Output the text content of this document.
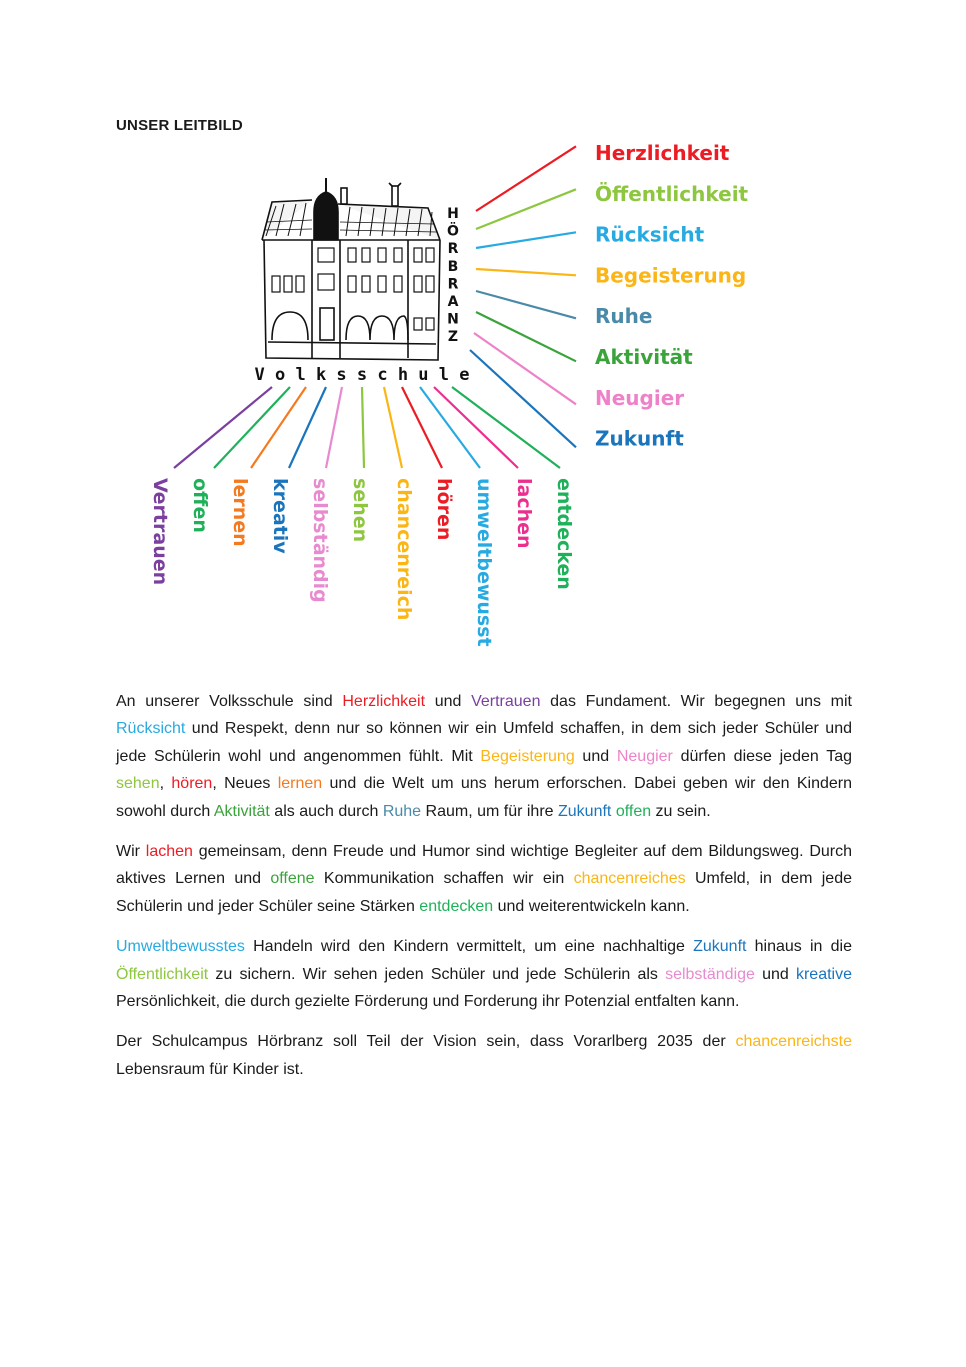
UNSER LEITBILD
H
Ö
R
B
R
A
N
Z
V o l k s s c h u l e
Herzlichkeit
Öffentlichkeit
Rücksicht
Begeisterung
Ruhe
Aktivität
Neugier
Zukunft
Vertrauen offen lernen kreativ selbständig sehen chancenreich hören umweltbewusst lachen entdecken

An unserer Volksschule sind Herzlichkeit und Vertrauen das Fundament. Wir begegnen uns mit Rücksicht und Respekt, denn nur so können wir ein Umfeld schaffen, in dem sich jeder Schüler und jede Schülerin wohl und angenommen fühlt. Mit Begeisterung und Neugier dürfen diese jeden Tag sehen, hören, Neues lernen und die Welt um uns herum erforschen. Dabei geben wir den Kindern sowohl durch Aktivität als auch durch Ruhe Raum, um für ihre Zukunft offen zu sein.

Wir lachen gemeinsam, denn Freude und Humor sind wichtige Begleiter auf dem Bildungsweg. Durch aktives Lernen und offene Kommunikation schaffen wir ein chancenreiches Umfeld, in dem jede Schülerin und jeder Schüler seine Stärken entdecken und weiterentwickeln kann.

Umweltbewusstes Handeln wird den Kindern vermittelt, um eine nachhaltige Zukunft hinaus in die Öffentlichkeit zu sichern. Wir sehen jeden Schüler und jede Schülerin als selbständige und kreative Persönlichkeit, die durch gezielte Förderung und Forderung ihr Potenzial entfalten kann.

Der Schulcampus Hörbranz soll Teil der Vision sein, dass Vorarlberg 2035 der chancenreichste Lebensraum für Kinder ist.
